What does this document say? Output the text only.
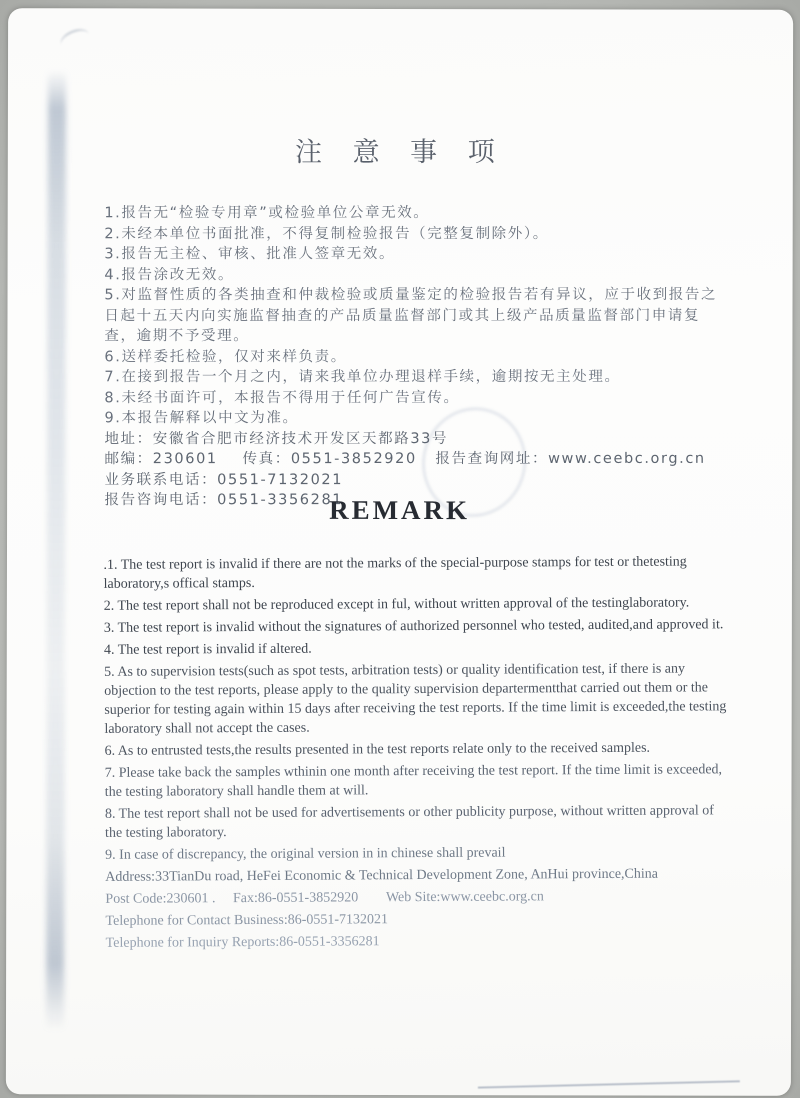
注 意 事 项

1.报告无“检验专用章”或检验单位公章无效。

2.未经本单位书面批准，不得复制检验报告（完整复制除外）。

3.报告无主检、审核、批准人签章无效。

4.报告涂改无效。

5.对监督性质的各类抽查和仲裁检验或质量鉴定的检验报告若有异议，应于收到报告之日起十五天内向实施监督抽查的产品质量监督部门或其上级产品质量监督部门申请复查，逾期不予受理。

6.送样委托检验，仅对来样负责。

7.在接到报告一个月之内，请来我单位办理退样手续，逾期按无主处理。

8.未经书面许可，本报告不得用于任何广告宣传。

9.本报告解释以中文为准。

地址：安徽省合肥市经济技术开发区天都路33号

邮编：230601    传真：0551-3852920   报告查询网址：www.ceebc.org.cn

业务联系电话：0551-7132021

报告咨询电话：0551-3356281

REMARK

.1. The test report is invalid if there are not the marks of the special-purpose stamps for test or thetesting laboratory,s offical stamps.

2. The test report shall not be reproduced except in ful, without written approval of the testinglaboratory.

3. The test report is invalid without the signatures of authorized personnel who tested, audited,and approved it.

4. The test report is invalid if altered.

5. As to supervision tests(such as spot tests, arbitration tests) or quality identification test, if there is any objection to the test reports, please apply to the quality supervision departermentthat carried out them or the superior for testing again within 15 days after receiving the test reports. If the time limit is exceeded,the testing laboratory shall not accept the cases.

6. As to entrusted tests,the results presented in the test reports relate only to the received samples.

7. Please take back the samples wthinin one month after receiving the test report. If the time limit is exceeded, the testing laboratory shall handle them at will.

8. The test report shall not be used for advertisements or other publicity purpose, without written approval of the testing laboratory.

9. In case of discrepancy, the original version in in chinese shall prevail

Address:33TianDu road, HeFei Economic & Technical Development Zone, AnHui province,China

Post Code:230601 .     Fax:86-0551-3852920        Web Site:www.ceebc.org.cn

Telephone for Contact Business:86-0551-7132021

Telephone for Inquiry Reports:86-0551-3356281
